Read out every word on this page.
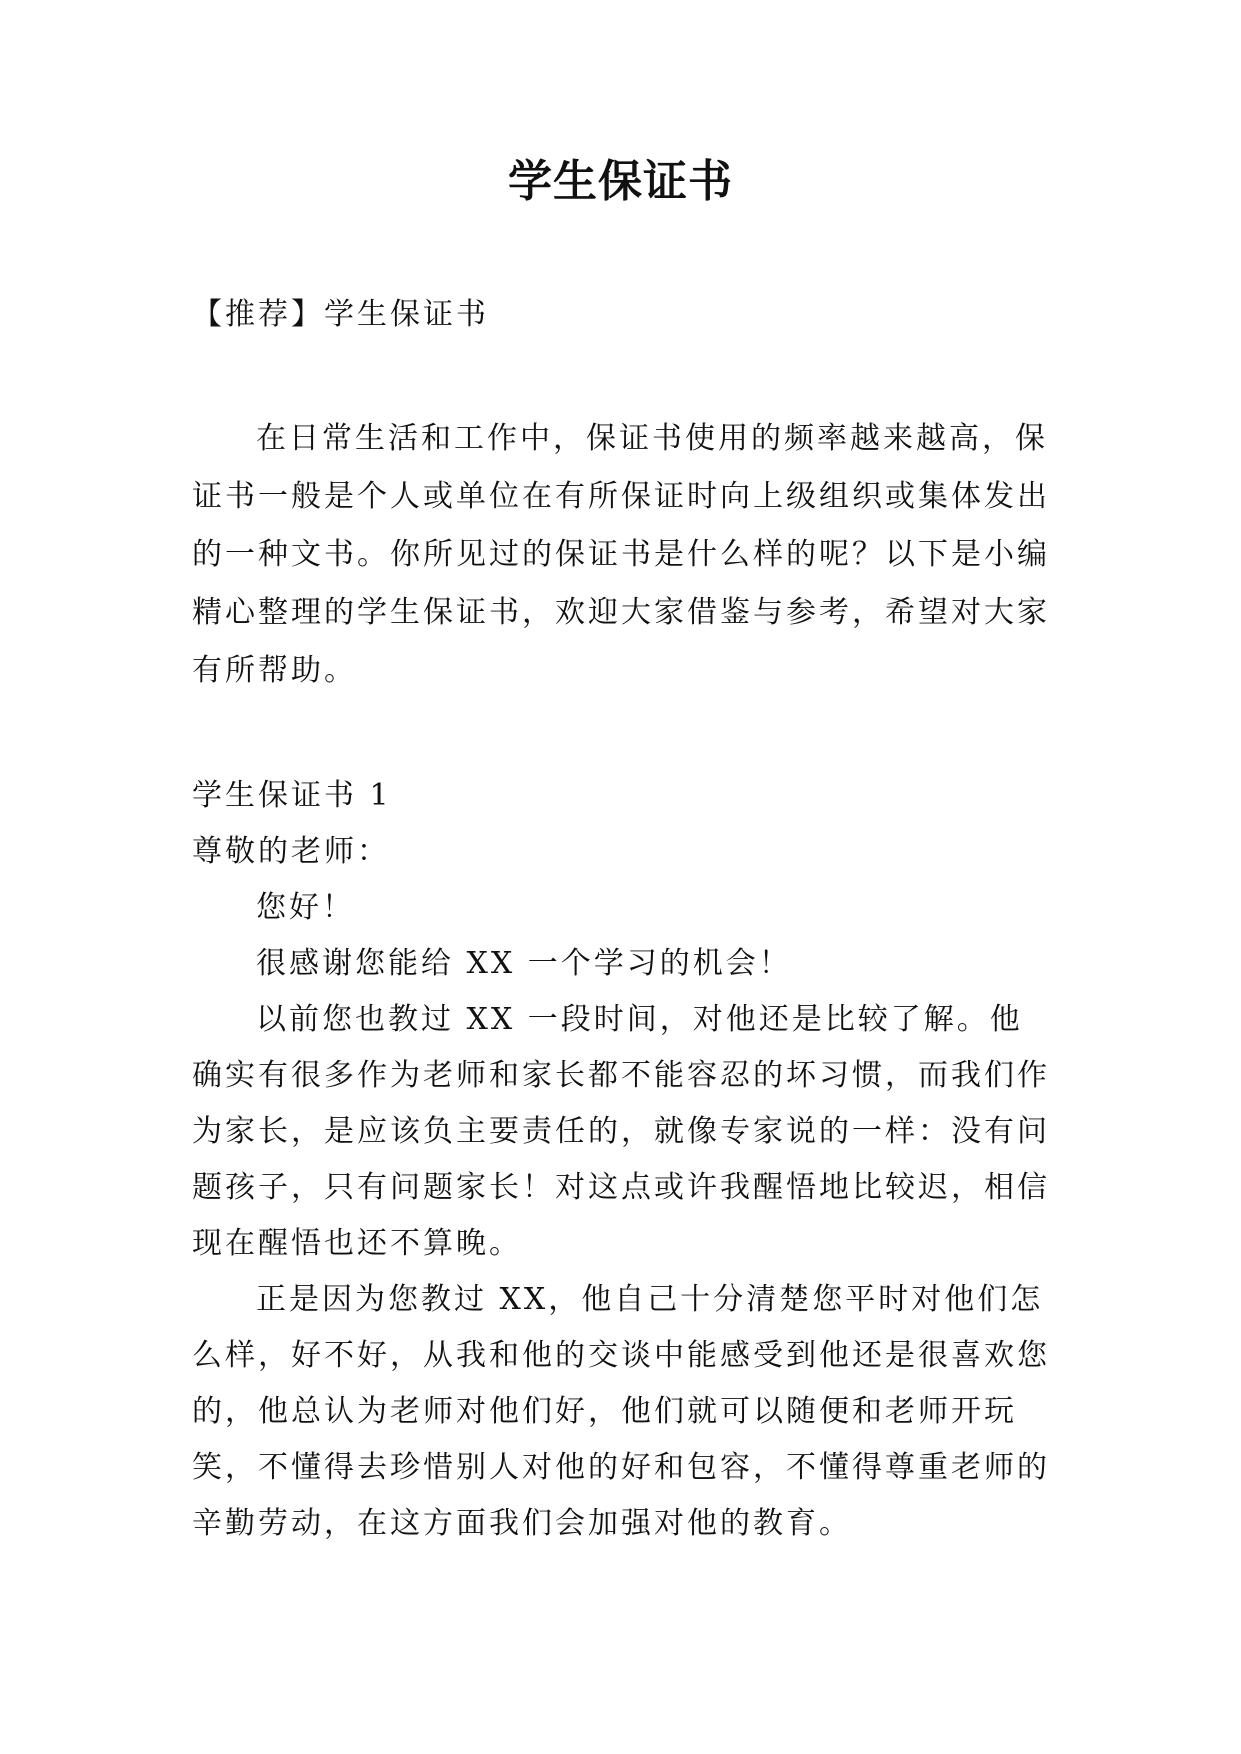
学生保证书
【推荐】学生保证书

在日常生活和工作中，保证书使用的频率越来越高，保证书一般是个人或单位在有所保证时向上级组织或集体发出的一种文书。你所见过的保证书是什么样的呢？以下是小编精心整理的学生保证书，欢迎大家借鉴与参考，希望对大家有所帮助。

学生保证书 1

尊敬的老师：

您好！

很感谢您能给 XX 一个学习的机会！

以前您也教过 XX 一段时间，对他还是比较了解。他确实有很多作为老师和家长都不能容忍的坏习惯，而我们作为家长，是应该负主要责任的，就像专家说的一样：没有问题孩子，只有问题家长！对这点或许我醒悟地比较迟，相信现在醒悟也还不算晚。

正是因为您教过 XX，他自己十分清楚您平时对他们怎么样，好不好，从我和他的交谈中能感受到他还是很喜欢您的，他总认为老师对他们好，他们就可以随便和老师开玩笑，不懂得去珍惜别人对他的好和包容，不懂得尊重老师的辛勤劳动，在这方面我们会加强对他的教育。
